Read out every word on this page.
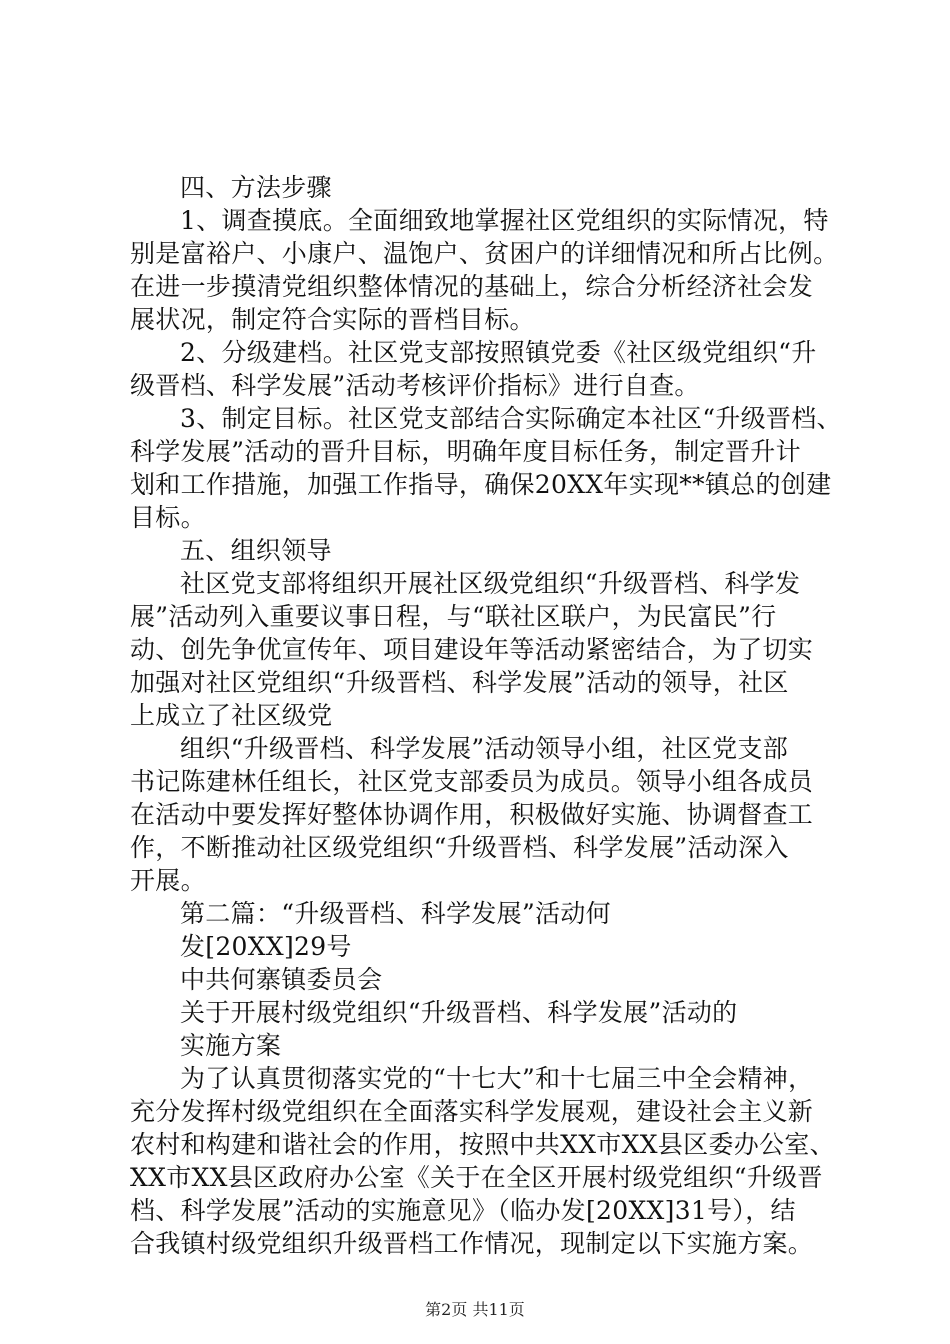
四、方法步骤
1、调查摸底。全面细致地掌握社区党组织的实际情况，特
别是富裕户、小康户、温饱户、贫困户的详细情况和所占比例。
在进一步摸清党组织整体情况的基础上，综合分析经济社会发
展状况，制定符合实际的晋档目标。
2、分级建档。社区党支部按照镇党委《社区级党组织“升
级晋档、科学发展”活动考核评价指标》进行自查。
3、制定目标。社区党支部结合实际确定本社区“升级晋档、
科学发展”活动的晋升目标，明确年度目标任务，制定晋升计
划和工作措施，加强工作指导，确保20XX年实现**镇总的创建
目标。
五、组织领导
社区党支部将组织开展社区级党组织“升级晋档、科学发
展”活动列入重要议事日程，与“联社区联户，为民富民”行
动、创先争优宣传年、项目建设年等活动紧密结合，为了切实
加强对社区党组织“升级晋档、科学发展”活动的领导，社区
上成立了社区级党
组织“升级晋档、科学发展”活动领导小组，社区党支部
书记陈建林任组长，社区党支部委员为成员。领导小组各成员
在活动中要发挥好整体协调作用，积极做好实施、协调督查工
作，不断推动社区级党组织“升级晋档、科学发展”活动深入
开展。
第二篇：“升级晋档、科学发展”活动何
发[20XX]29号
中共何寨镇委员会
关于开展村级党组织“升级晋档、科学发展”活动的
实施方案
为了认真贯彻落实党的“十七大”和十七届三中全会精神，
充分发挥村级党组织在全面落实科学发展观，建设社会主义新
农村和构建和谐社会的作用，按照中共XX市XX县区委办公室、
XX市XX县区政府办公室《关于在全区开展村级党组织“升级晋
档、科学发展”活动的实施意见》（临办发[20XX]31号），结
合我镇村级党组织升级晋档工作情况，现制定以下实施方案。
第2页 共11页
